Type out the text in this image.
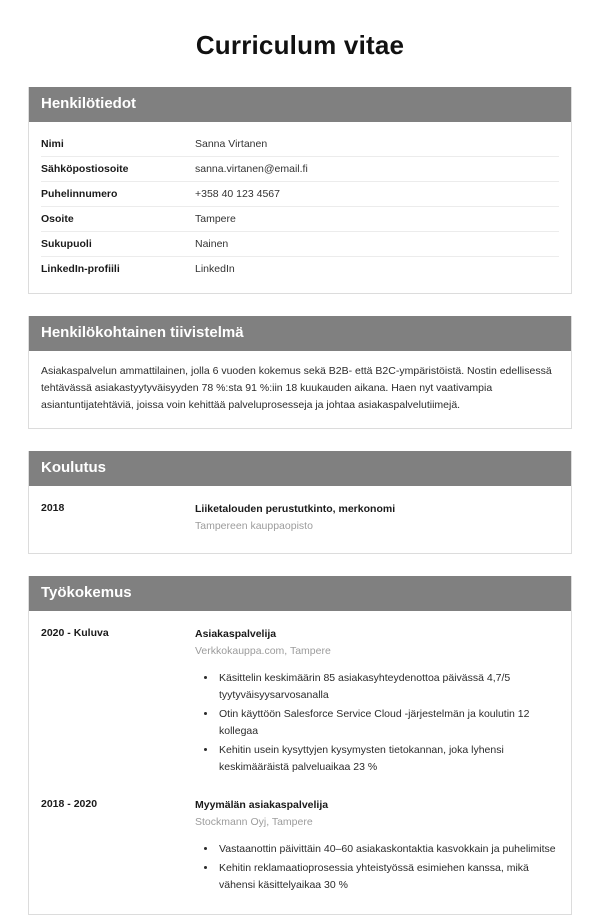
Curriculum vitae
Henkilötiedot
Nimi	Sanna Virtanen
Sähköpostiosoite	sanna.virtanen@email.fi
Puhelinnumero	+358 40 123 4567
Osoite	Tampere
Sukupuoli	Nainen
LinkedIn-profiili	LinkedIn
Henkilökohtainen tiivistelmä

Asiakaspalvelun ammattilainen, jolla 6 vuoden kokemus sekä B2B- että B2C-ympäristöistä. Nostin edellisessä tehtävässä asiakastyytyväisyyden 78 %:sta 91 %:iin 18 kuukauden aikana. Haen nyt vaativampia asiantuntijatehtäviä, joissa voin kehittää palveluprosesseja ja johtaa asiakaspalvelutiimejä.

Koulutus
2018	Liiketalouden perustutkinto, merkonomi
Tampereen kauppaopisto
Työkokemus
2020 - Kuluva	Asiakaspalvelija
Verkkokauppa.com, Tampere
• Käsittelin keskimäärin 85 asiakasyhteydenottoa päivässä 4,7/5 tyytyväisyysarvosanalla
• Otin käyttöön Salesforce Service Cloud -järjestelmän ja koulutin 12 kollegaa
• Kehitin usein kysyttyjen kysymysten tietokannan, joka lyhensi keskimääräistä palveluaikaa 23 %
2018 - 2020	Myymälän asiakaspalvelija
Stockmann Oyj, Tampere
• Vastaanottin päivittäin 40–60 asiakaskontaktia kasvokkain ja puhelimitse
• Kehitin reklamaatioprosessia yhteistyössä esimiehen kanssa, mikä vähensi käsittelyaikaa 30 %
